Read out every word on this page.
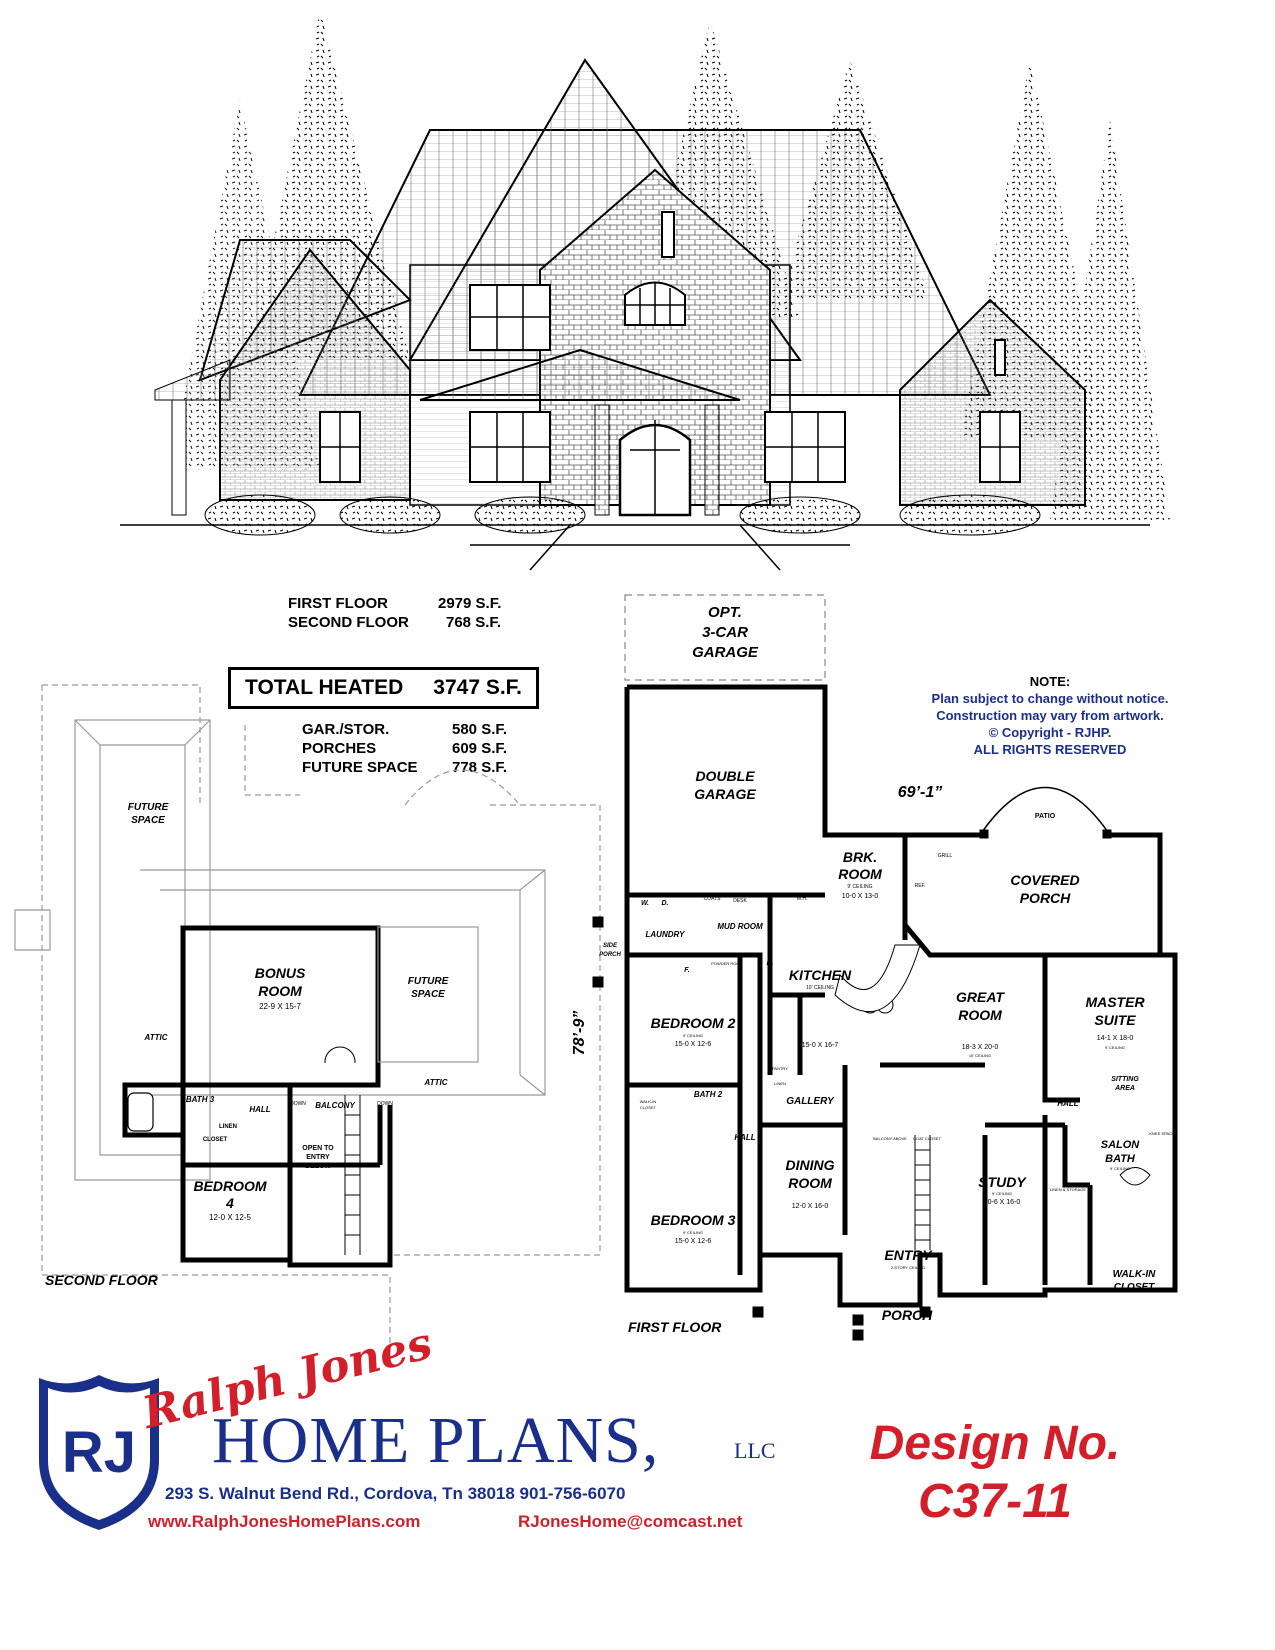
FIRST FLOOR	2979 S.F.
SECOND FLOOR	768 S.F.
TOTAL HEATED 3747 S.F.
GAR./STOR.	580 S.F.
PORCHES	609 S.F.
FUTURE SPACE	778 S.F.
NOTE:
Plan subject to change without notice.
Construction may vary from artwork.
© Copyright - RJHP.
ALL RIGHTS RESERVED
FUTURE
SPACE
BONUS
ROOM
22-9 X 15-7
FUTURE
SPACE
ATTIC
ATTIC
BATH 3
HALL	BALCONY
LINEN
CLOSET
DOWN	DOWN
BEDROOM
4
12-0 X 12-5
OPEN TO
ENTRY
BELOW
SECOND FLOOR
OPT.
3-CAR
GARAGE
DOUBLE
GARAGE	69’-1”
78’-9”
PATIO
GRILL
REF.
BRK.
ROOM
9' CEILING
10-0 X 13-0
COVERED
PORCH
W. D.
COATS	DESK	W.H.
LAUNDRY
MUD ROOM
SIDE
PORCH
F.
POWDER ROOM	R.
KITCHEN
10' CEILING
15-0 X 16-7
PANTRY
LINEN
GREAT
ROOM
18-3 X 20-0
10' CEILING
MASTER
SUITE
14-1 X 18-0
9' CEILING
SITTING
AREA
BEDROOM 2
9' CEILING
15-0 X 12-6
WALK-IN
CLOSET
BATH 2
GALLERY
HALL
HALL
DINING
ROOM
12-0 X 16-0
BALCONY ABOVE COAT CLOSET
STUDY
9' CEILING
10-6 X 16-0
SALON
BATH
9' CEILING
KNEE SPACE
LINEN & STORAGE
BEDROOM 3
9' CEILING
15-0 X 12-6
ENTRY
2-STORY CEILING
PORCH
WALK-IN
CLOSET
FIRST FLOOR
RJ HOME PLANS,	LLC
Ralph Jones
293 S. Walnut Bend Rd., Cordova, Tn 38018 901-756-6070
www.RalphJonesHomePlans.com	RJonesHome@comcast.net
Design No.
C37-11
